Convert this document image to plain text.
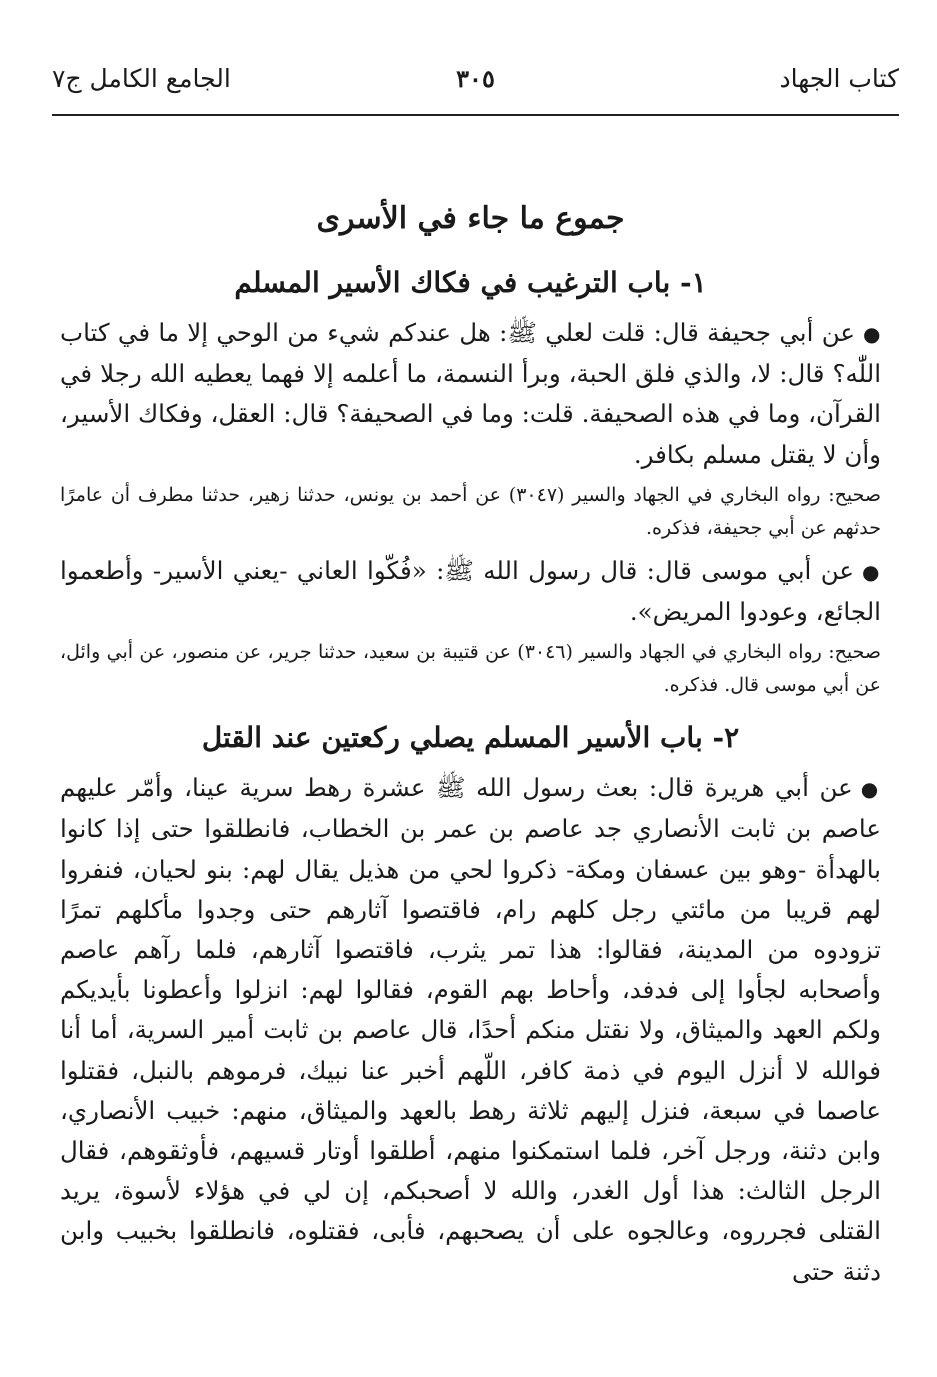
كتاب الجهاد
٣٠٥
الجامع الكامل ج٧
جموع ما جاء في الأسرى
١- باب الترغيب في فكاك الأسير المسلم

●عن أبي جحيفة قال: قلت لعلي ﷺ: هل عندكم شيء من الوحي إلا ما في كتاب اللّٰه؟ قال: لا، والذي فلق الحبة، وبرأ النسمة، ما أعلمه إلا فهما يعطيه الله رجلا في القرآن، وما في هذه الصحيفة. قلت: وما في الصحيفة؟ قال: العقل، وفكاك الأسير، وأن لا يقتل مسلم بكافر.

صحيح: رواه البخاري في الجهاد والسير (٣٠٤٧) عن أحمد بن يونس، حدثنا زهير، حدثنا مطرف أن عامرًا حدثهم عن أبي جحيفة، فذكره.

●عن أبي موسى قال: قال رسول الله ﷺ: «فُكّوا العاني -يعني الأسير- وأطعموا الجائع، وعودوا المريض».

صحيح: رواه البخاري في الجهاد والسير (٣٠٤٦) عن قتيبة بن سعيد، حدثنا جرير، عن منصور، عن أبي وائل، عن أبي موسى قال. فذكره.

٢- باب الأسير المسلم يصلي ركعتين عند القتل

●عن أبي هريرة قال: بعث رسول الله ﷺ عشرة رهط سرية عينا، وأمّر عليهم عاصم بن ثابت الأنصاري جد عاصم بن عمر بن الخطاب، فانطلقوا حتى إذا كانوا بالهدأة -وهو بين عسفان ومكة- ذكروا لحي من هذيل يقال لهم: بنو لحيان، فنفروا لهم قريبا من مائتي رجل كلهم رام، فاقتصوا آثارهم حتى وجدوا مأكلهم تمرًا تزودوه من المدينة، فقالوا: هذا تمر يثرب، فاقتصوا آثارهم، فلما رآهم عاصم وأصحابه لجأوا إلى فدفد، وأحاط بهم القوم، فقالوا لهم: انزلوا وأعطونا بأيديكم ولكم العهد والميثاق، ولا نقتل منكم أحدًا، قال عاصم بن ثابت أمير السرية، أما أنا فوالله لا أنزل اليوم في ذمة كافر، اللّهم أخبر عنا نبيك، فرموهم بالنبل، فقتلوا عاصما في سبعة، فنزل إليهم ثلاثة رهط بالعهد والميثاق، منهم: خبيب الأنصاري، وابن دثنة، ورجل آخر، فلما استمكنوا منهم، أطلقوا أوتار قسيهم، فأوثقوهم، فقال الرجل الثالث: هذا أول الغدر، والله لا أصحبكم، إن لي في هؤلاء لأسوة، يريد القتلى فجرروه، وعالجوه على أن يصحبهم، فأبى، فقتلوه، فانطلقوا بخبيب وابن دثنة حتى
